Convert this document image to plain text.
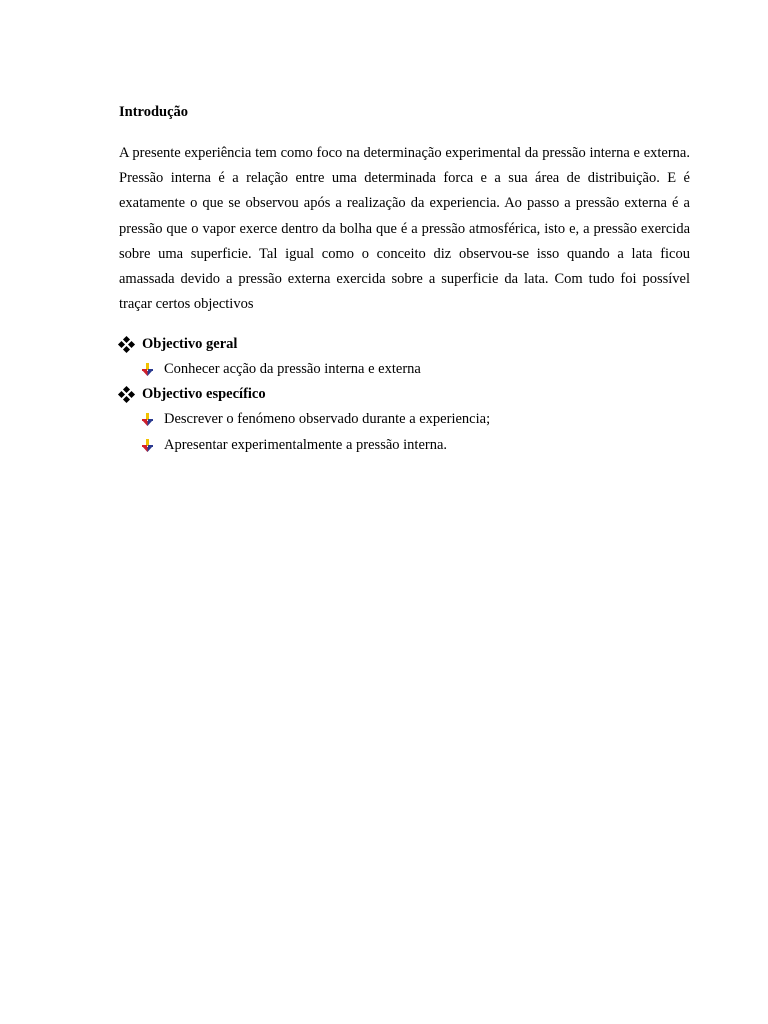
Introdução

A presente experiência tem como foco na determinação experimental da pressão interna e externa. Pressão interna é a relação entre uma determinada forca e a sua área de distribuição. E é exatamente o que se observou após a realização da experiencia. Ao passo a pressão externa é a pressão que o vapor exerce dentro da bolha que é a pressão atmosférica, isto e, a pressão exercida sobre uma superficie. Tal igual como o conceito diz observou-se isso quando a lata ficou amassada devido a pressão externa exercida sobre a superficie da lata. Com tudo foi possível traçar certos objectivos

Objectivo geral
Conhecer acção da pressão interna e externa
Objectivo específico
Descrever o fenómeno observado durante a experiencia;
Apresentar experimentalmente a pressão interna.
